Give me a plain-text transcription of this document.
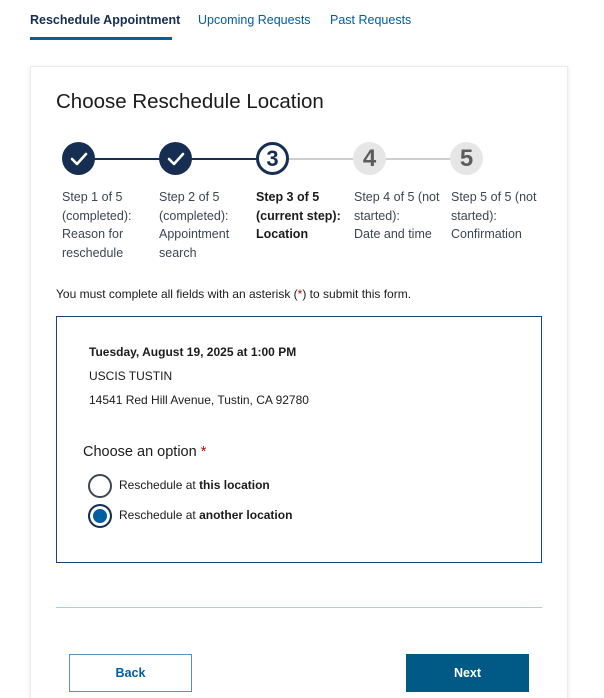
Reschedule Appointment Upcoming Requests Past Requests
Choose Reschedule Location
3	4	5
Step 1 of 5
(completed):
Reason for
reschedule
Step 2 of 5
(completed):
Appointment
search
Step 3 of 5
(current step):
Location
Step 4 of 5 (not
started):
Date and time
Step 5 of 5 (not
started):
Confirmation
You must complete all fields with an asterisk (*) to submit this form.
Tuesday, August 19, 2025 at 1:00 PM
USCIS TUSTIN
14541 Red Hill Avenue, Tustin, CA 92780
Choose an option *
Reschedule at this location
Reschedule at another location
Back	Next
